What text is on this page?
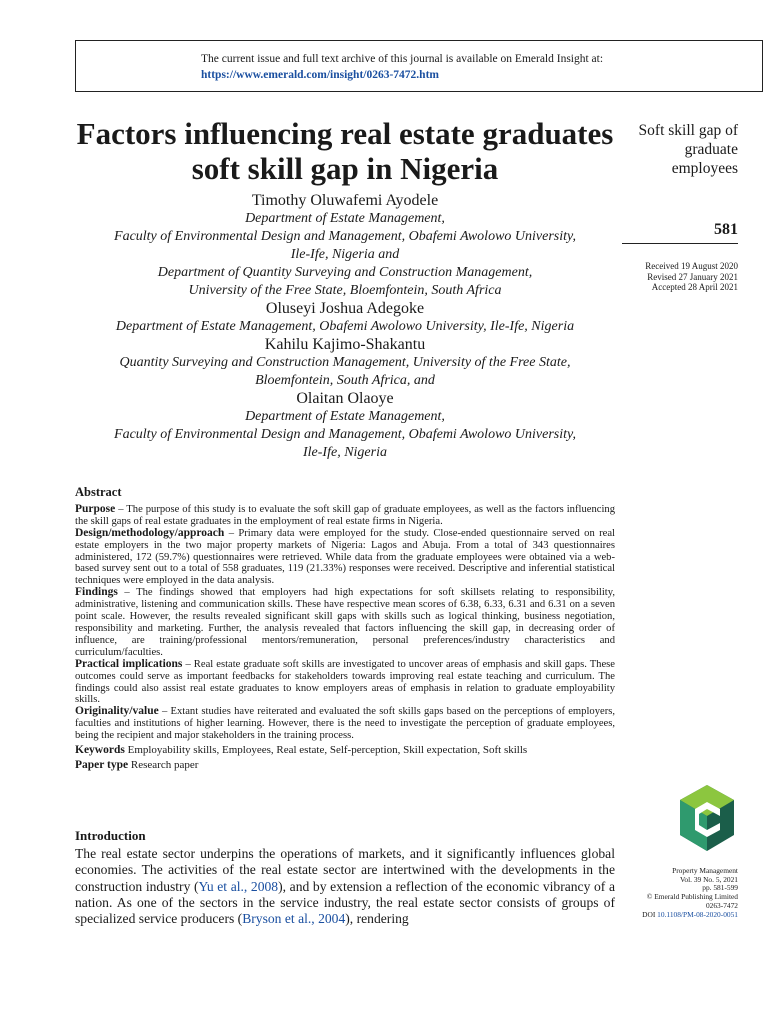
The current issue and full text archive of this journal is available on Emerald Insight at:
https://www.emerald.com/insight/0263-7472.htm
Factors influencing real estate graduates soft skill gap in Nigeria
Soft skill gap of
graduate
employees
581
Received 19 August 2020
Revised 27 January 2021
Accepted 28 April 2021
Timothy Oluwafemi Ayodele
Department of Estate Management,
Faculty of Environmental Design and Management, Obafemi Awolowo University,
Ile-Ife, Nigeria and
Department of Quantity Surveying and Construction Management,
University of the Free State, Bloemfontein, South Africa
Oluseyi Joshua Adegoke
Department of Estate Management, Obafemi Awolowo University, Ile-Ife, Nigeria
Kahilu Kajimo-Shakantu
Quantity Surveying and Construction Management, University of the Free State,
Bloemfontein, South Africa, and
Olaitan Olaoye
Department of Estate Management,
Faculty of Environmental Design and Management, Obafemi Awolowo University,
Ile-Ife, Nigeria
Abstract

Purpose – The purpose of this study is to evaluate the soft skill gap of graduate employees, as well as the factors influencing the skill gaps of real estate graduates in the employment of real estate firms in Nigeria.

Design/methodology/approach – Primary data were employed for the study. Close-ended questionnaire served on real estate employers in the two major property markets of Nigeria: Lagos and Abuja. From a total of 343 questionnaires administered, 172 (59.7%) questionnaires were retrieved. While data from the graduate employees were obtained via a web-based survey sent out to a total of 558 graduates, 119 (21.33%) responses were received. Descriptive and inferential statistical techniques were employed in the data analysis.

Findings – The findings showed that employers had high expectations for soft skillsets relating to responsibility, administrative, listening and communication skills. These have respective mean scores of 6.38, 6.33, 6.31 and 6.31 on a seven point scale. However, the results revealed significant skill gaps with skills such as logical thinking, business negotiation, responsibility and marketing. Further, the analysis revealed that factors influencing the skill gap, in decreasing order of influence, are training/professional mentors/remuneration, personal preferences/industry characteristics and curriculum/faculties.

Practical implications – Real estate graduate soft skills are investigated to uncover areas of emphasis and skill gaps. These outcomes could serve as important feedbacks for stakeholders towards improving real estate teaching and curriculum. The findings could also assist real estate graduates to know employers areas of emphasis in relation to graduate employability skills.

Originality/value – Extant studies have reiterated and evaluated the soft skills gaps based on the perceptions of employers, faculties and institutions of higher learning. However, there is the need to investigate the perception of graduate employees, being the recipient and major stakeholders in the training process.

Keywords Employability skills, Employees, Real estate, Self-perception, Skill expectation, Soft skills

Paper type Research paper

Introduction

The real estate sector underpins the operations of markets, and it significantly influences global economies. The activities of the real estate sector are intertwined with the developments in the construction industry (Yu et al., 2008), and by extension a reflection of the economic vibrancy of a nation. As one of the sectors in the service industry, the real estate sector consists of groups of specialized service producers (Bryson et al., 2004), rendering

Property Management
Vol. 39 No. 5, 2021
pp. 581-599
© Emerald Publishing Limited
0263-7472
DOI 10.1108/PM-08-2020-0051
